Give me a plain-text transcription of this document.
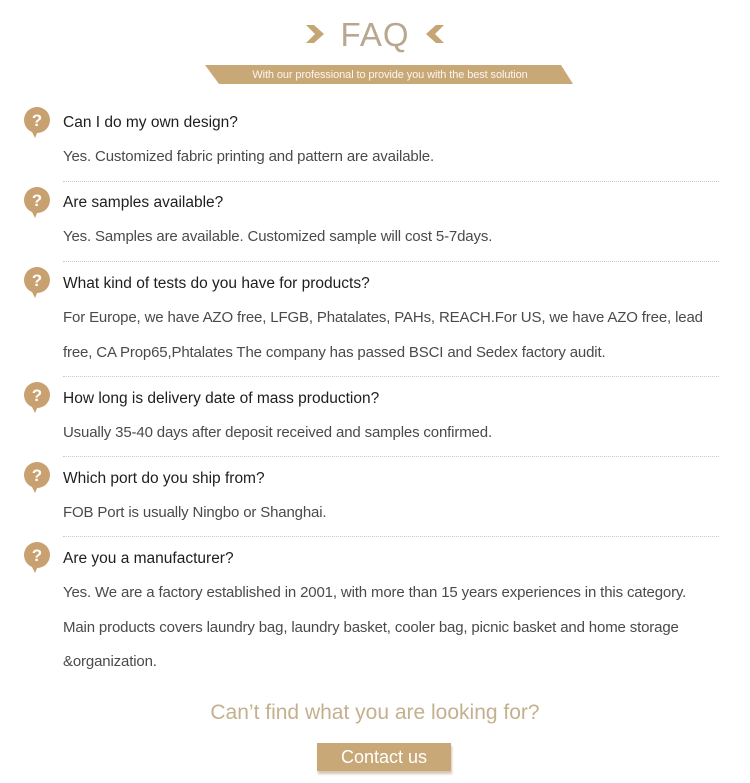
FAQ
With our professional to provide you with the best solution
? Can I do my own design?
Yes. Customized fabric printing and pattern are available.
? Are samples available?
Yes. Samples are available. Customized sample will cost 5-7days.
? What kind of tests do you have for products?
For Europe, we have AZO free, LFGB, Phatalates, PAHs, REACH.For US, we have AZO free, lead
free, CA Prop65,Phtalates The company has passed BSCI and Sedex factory audit.
? How long is delivery date of mass production?
Usually 35-40 days after deposit received and samples confirmed.
? Which port do you ship from?
FOB Port is usually Ningbo or Shanghai.
? Are you a manufacturer?
Yes. We are a factory established in 2001, with more than 15 years experiences in this category.
Main products covers laundry bag, laundry basket, cooler bag, picnic basket and home storage
&organization.
Can’t find what you are looking for?
Contact us
